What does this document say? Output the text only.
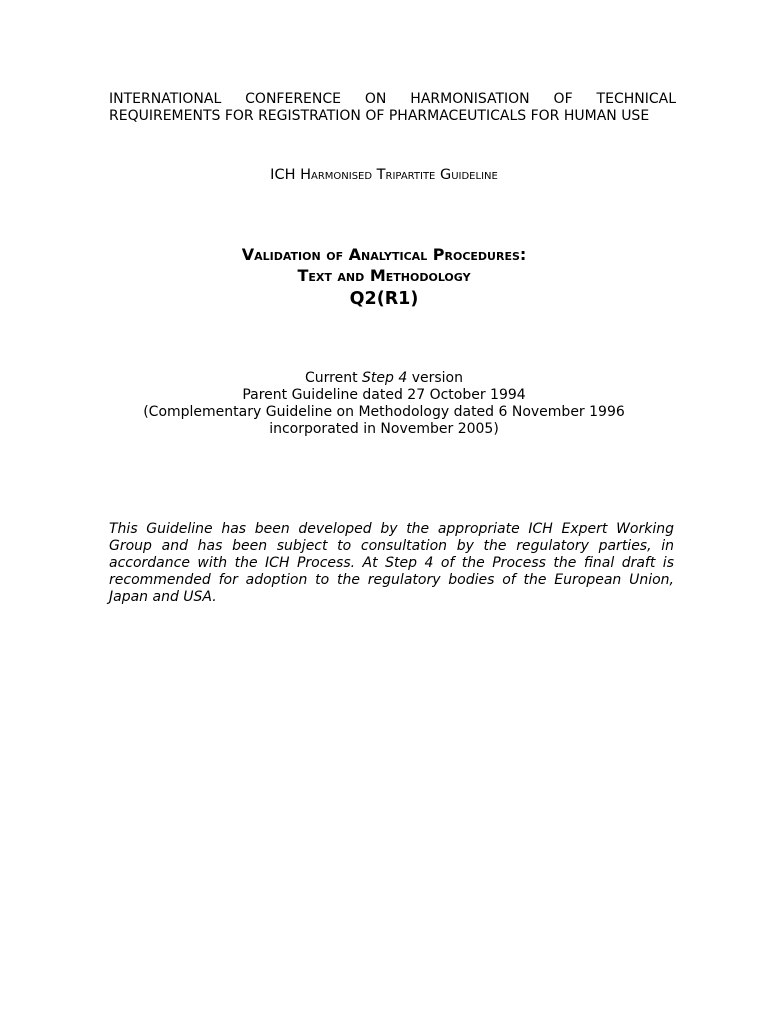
INTERNATIONAL CONFERENCE ON HARMONISATION OF TECHNICAL
REQUIREMENTS FOR REGISTRATION OF PHARMACEUTICALS FOR HUMAN USE
ICH Harmonised Tripartite Guideline
Validation of Analytical Procedures:
Text and Methodology
Q2(R1)
Current Step 4 version
Parent Guideline dated 27 October 1994
(Complementary Guideline on Methodology dated 6 November 1996
incorporated in November 2005)
This Guideline has been developed by the appropriate ICH Expert Working Group and has been subject to consultation by the regulatory parties, in accordance with the ICH Process. At Step 4 of the Process the final draft is recommended for adoption to the regulatory bodies of the European Union, Japan and USA.
